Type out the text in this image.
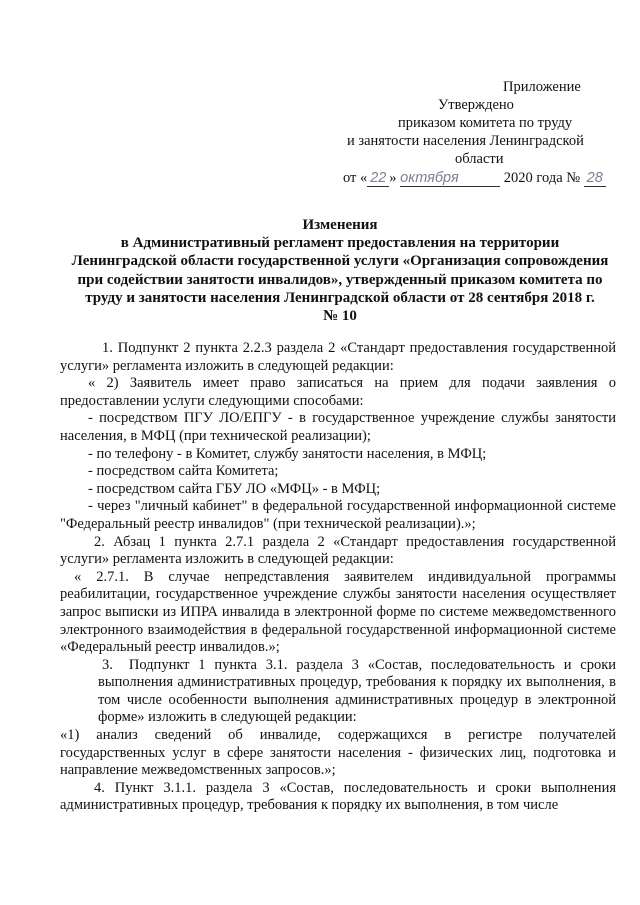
Приложение
Утверждено
приказом комитета по труду
и занятости населения Ленинградской
области
от « 22 » октября	2020 года № 28
Изменения
в Административный регламент предоставления на территории
Ленинградской области государственной услуги «Организация сопровождения
при содействии занятости инвалидов», утвержденный приказом комитета по
труду и занятости населения Ленинградской области от 28 сентября 2018 г.
№ 10

1. Подпункт 2 пункта 2.2.3 раздела 2 «Стандарт предоставления государственной услуги» регламента изложить в следующей редакции:

« 2) Заявитель имеет право записаться на прием для подачи заявления о предоставлении услуги следующими способами:

- посредством ПГУ ЛО/ЕПГУ - в государственное учреждение службы занятости населения, в МФЦ (при технической реализации);

- по телефону - в Комитет, службу занятости населения, в МФЦ;

- посредством сайта Комитета;

- посредством сайта ГБУ ЛО «МФЦ» - в МФЦ;

- через "личный кабинет" в федеральной государственной информационной системе "Федеральный реестр инвалидов" (при технической реализации).»;

2. Абзац 1 пункта 2.7.1 раздела 2 «Стандарт предоставления государственной услуги» регламента изложить в следующей редакции:

« 2.7.1. В случае непредставления заявителем индивидуальной программы реабилитации, государственное учреждение службы занятости населения осуществляет запрос выписки из ИПРА инвалида в электронной форме по системе межведомственного электронного взаимодействия в федеральной государственной информационной системе «Федеральный реестр инвалидов.»;

3. Подпункт 1 пункта 3.1. раздела 3 «Состав, последовательность и сроки выполнения административных процедур, требования к порядку их выполнения, в том числе особенности выполнения административных процедур в электронной форме» изложить в следующей редакции:

«1) анализ сведений об инвалиде, содержащихся в регистре получателей государственных услуг в сфере занятости населения - физических лиц, подготовка и направление межведомственных запросов.»;

4. Пункт 3.1.1. раздела 3 «Состав, последовательность и сроки выполнения административных процедур, требования к порядку их выполнения, в том числе
